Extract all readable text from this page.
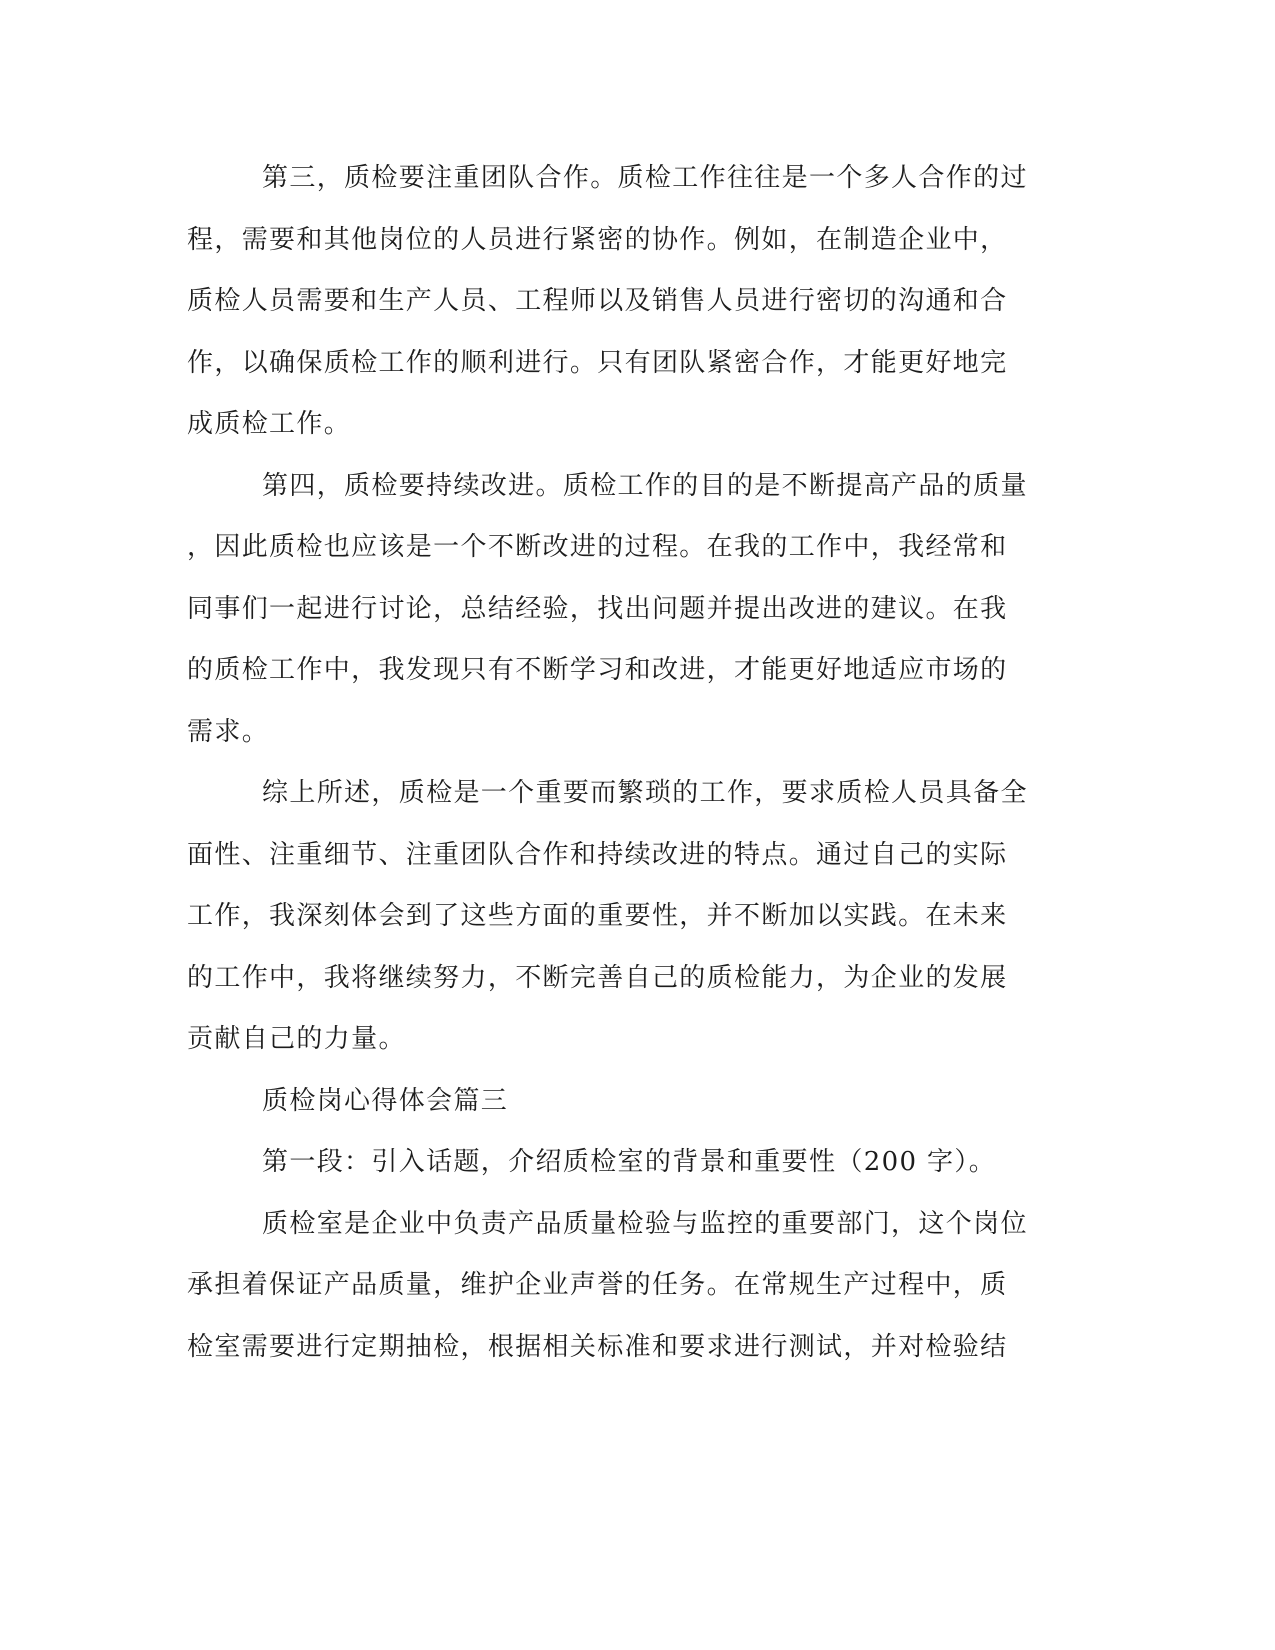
第三，质检要注重团队合作。质检工作往往是一个多人合作的过
程，需要和其他岗位的人员进行紧密的协作。例如，在制造企业中，
质检人员需要和生产人员、工程师以及销售人员进行密切的沟通和合
作，以确保质检工作的顺利进行。只有团队紧密合作，才能更好地完
成质检工作。
第四，质检要持续改进。质检工作的目的是不断提高产品的质量
，因此质检也应该是一个不断改进的过程。在我的工作中，我经常和
同事们一起进行讨论，总结经验，找出问题并提出改进的建议。在我
的质检工作中，我发现只有不断学习和改进，才能更好地适应市场的
需求。
综上所述，质检是一个重要而繁琐的工作，要求质检人员具备全
面性、注重细节、注重团队合作和持续改进的特点。通过自己的实际
工作，我深刻体会到了这些方面的重要性，并不断加以实践。在未来
的工作中，我将继续努力，不断完善自己的质检能力，为企业的发展
贡献自己的力量。
质检岗心得体会篇三
第一段：引入话题，介绍质检室的背景和重要性（200 字）。
质检室是企业中负责产品质量检验与监控的重要部门，这个岗位
承担着保证产品质量，维护企业声誉的任务。在常规生产过程中，质
检室需要进行定期抽检，根据相关标准和要求进行测试，并对检验结
